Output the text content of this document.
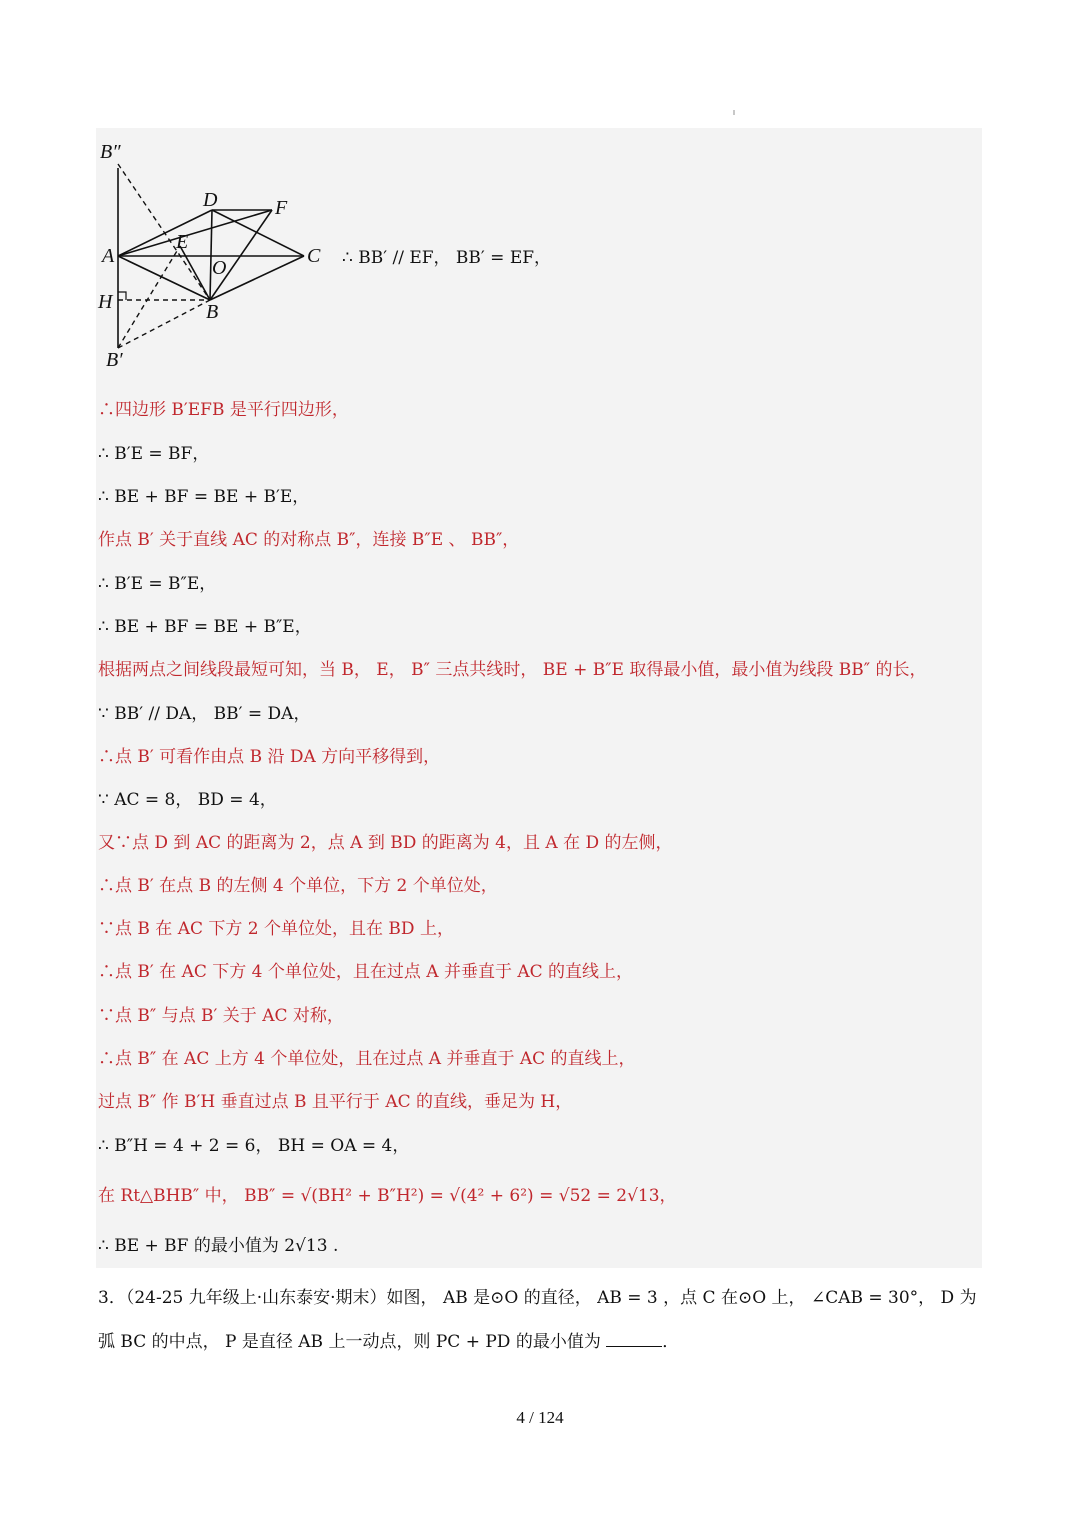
B″
D	F
E
A	C
O
H	B
B′
∴ BB′ // EF， BB′ = EF，
∴四边形 B′EFB 是平行四边形，
∴ B′E = BF，
∴ BE + BF = BE + B′E，
作点 B′ 关于直线 AC 的对称点 B″，连接 B″E 、 BB″，
∴ B′E = B″E，
∴ BE + BF = BE + B″E，
根据两点之间线段最短可知，当 B， E， B″ 三点共线时， BE + B″E 取得最小值，最小值为线段 BB″ 的长，
∵ BB′ // DA， BB′ = DA，
∴点 B′ 可看作由点 B 沿 DA 方向平移得到，
∵ AC = 8， BD = 4，
又∵点 D 到 AC 的距离为 2，点 A 到 BD 的距离为 4，且 A 在 D 的左侧，
∴点 B′ 在点 B 的左侧 4 个单位，下方 2 个单位处，
∵点 B 在 AC 下方 2 个单位处，且在 BD 上，
∴点 B′ 在 AC 下方 4 个单位处，且在过点 A 并垂直于 AC 的直线上，
∵点 B″ 与点 B′ 关于 AC 对称，
∴点 B″ 在 AC 上方 4 个单位处，且在过点 A 并垂直于 AC 的直线上，
过点 B″ 作 B′H 垂直过点 B 且平行于 AC 的直线，垂足为 H，
∴ B″H = 4 + 2 = 6， BH = OA = 4，
在 Rt△BHB″ 中， BB″ = √(BH² + B″H²) = √(4² + 6²) = √52 = 2√13，
∴ BE + BF 的最小值为 2√13 .
3．（24-25 九年级上·山东泰安·期末）如图， AB 是⊙O 的直径， AB = 3 ，点 C 在⊙O 上， ∠CAB = 30°， D 为弧 BC 的中点， P 是直径 AB 上一动点，则 PC + PD 的最小值为	．
4 / 124
